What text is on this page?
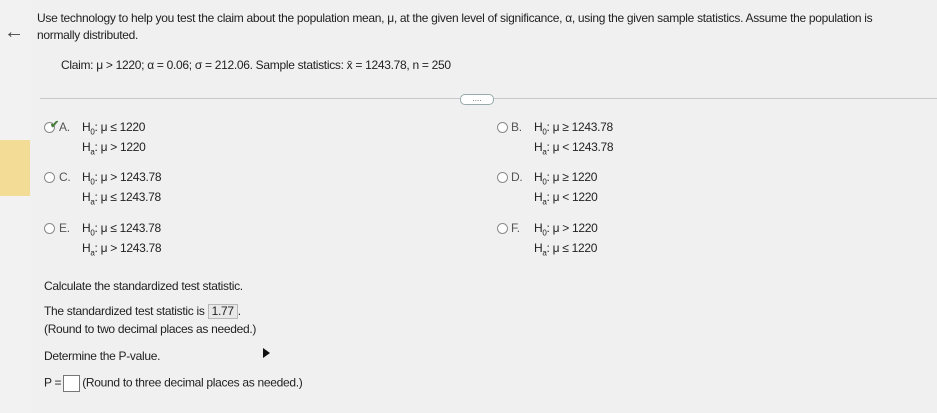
←
Use technology to help you test the claim about the population mean, μ, at the given level of significance, α, using the given sample statistics. Assume the population is
normally distributed.
Claim: μ > 1220; α = 0.06; σ = 212.06. Sample statistics: x̄ = 1243.78, n = 250
....
✔ A. $H_0$: μ ≤ 1220
$H_a$: μ > 1220
B. $H_0$: μ ≥ 1243.78
$H_a$: μ < 1243.78
C. $H_0$: μ > 1243.78
$H_a$: μ ≤ 1243.78
D. $H_0$: μ ≥ 1220
$H_a$: μ < 1220
E. $H_0$: μ ≤ 1243.78
$H_a$: μ > 1243.78
F. $H_0$: μ > 1220
$H_a$: μ ≤ 1220
Calculate the standardized test statistic.
The standardized test statistic is 1.77 .
(Round to two decimal places as needed.)
Determine the P-value.
P = (Round to three decimal places as needed.)
